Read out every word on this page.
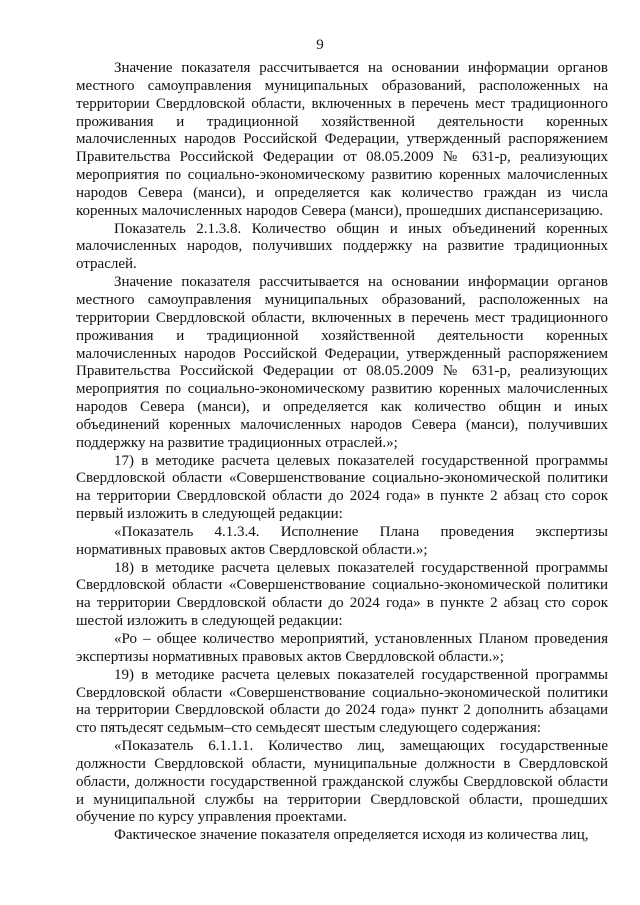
9

Значение показателя рассчитывается на основании информации органов местного самоуправления муниципальных образований, расположенных на территории Свердловской области, включенных в перечень мест традиционного проживания и традиционной хозяйственной деятельности коренных малочисленных народов Российской Федерации, утвержденный распоряжением Правительства Российской Федерации от 08.05.2009 № 631-р, реализующих мероприятия по социально-экономическому развитию коренных малочисленных народов Севера (манси), и определяется как количество граждан из числа коренных малочисленных народов Севера (манси), прошедших диспансеризацию.

Показатель 2.1.3.8. Количество общин и иных объединений коренных малочисленных народов, получивших поддержку на развитие традиционных отраслей.

Значение показателя рассчитывается на основании информации органов местного самоуправления муниципальных образований, расположенных на территории Свердловской области, включенных в перечень мест традиционного проживания и традиционной хозяйственной деятельности коренных малочисленных народов Российской Федерации, утвержденный распоряжением Правительства Российской Федерации от 08.05.2009 № 631-р, реализующих мероприятия по социально-экономическому развитию коренных малочисленных народов Севера (манси), и определяется как количество общин и иных объединений коренных малочисленных народов Севера (манси), получивших поддержку на развитие традиционных отраслей.»;

17) в методике расчета целевых показателей государственной программы Свердловской области «Совершенствование социально-экономической политики на территории Свердловской области до 2024 года» в пункте 2 абзац сто сорок первый изложить в следующей редакции:

«Показатель 4.1.3.4. Исполнение Плана проведения экспертизы нормативных правовых актов Свердловской области.»;

18) в методике расчета целевых показателей государственной программы Свердловской области «Совершенствование социально-экономической политики на территории Свердловской области до 2024 года» в пункте 2 абзац сто сорок шестой изложить в следующей редакции:

«Ро – общее количество мероприятий, установленных Планом проведения экспертизы нормативных правовых актов Свердловской области.»;

19) в методике расчета целевых показателей государственной программы Свердловской области «Совершенствование социально-экономической политики на территории Свердловской области до 2024 года» пункт 2 дополнить абзацами сто пятьдесят седьмым–сто семьдесят шестым следующего содержания:

«Показатель 6.1.1.1. Количество лиц, замещающих государственные должности Свердловской области, муниципальные должности в Свердловской области, должности государственной гражданской службы Свердловской области и муниципальной службы на территории Свердловской области, прошедших обучение по курсу управления проектами.

Фактическое значение показателя определяется исходя из количества лиц,
